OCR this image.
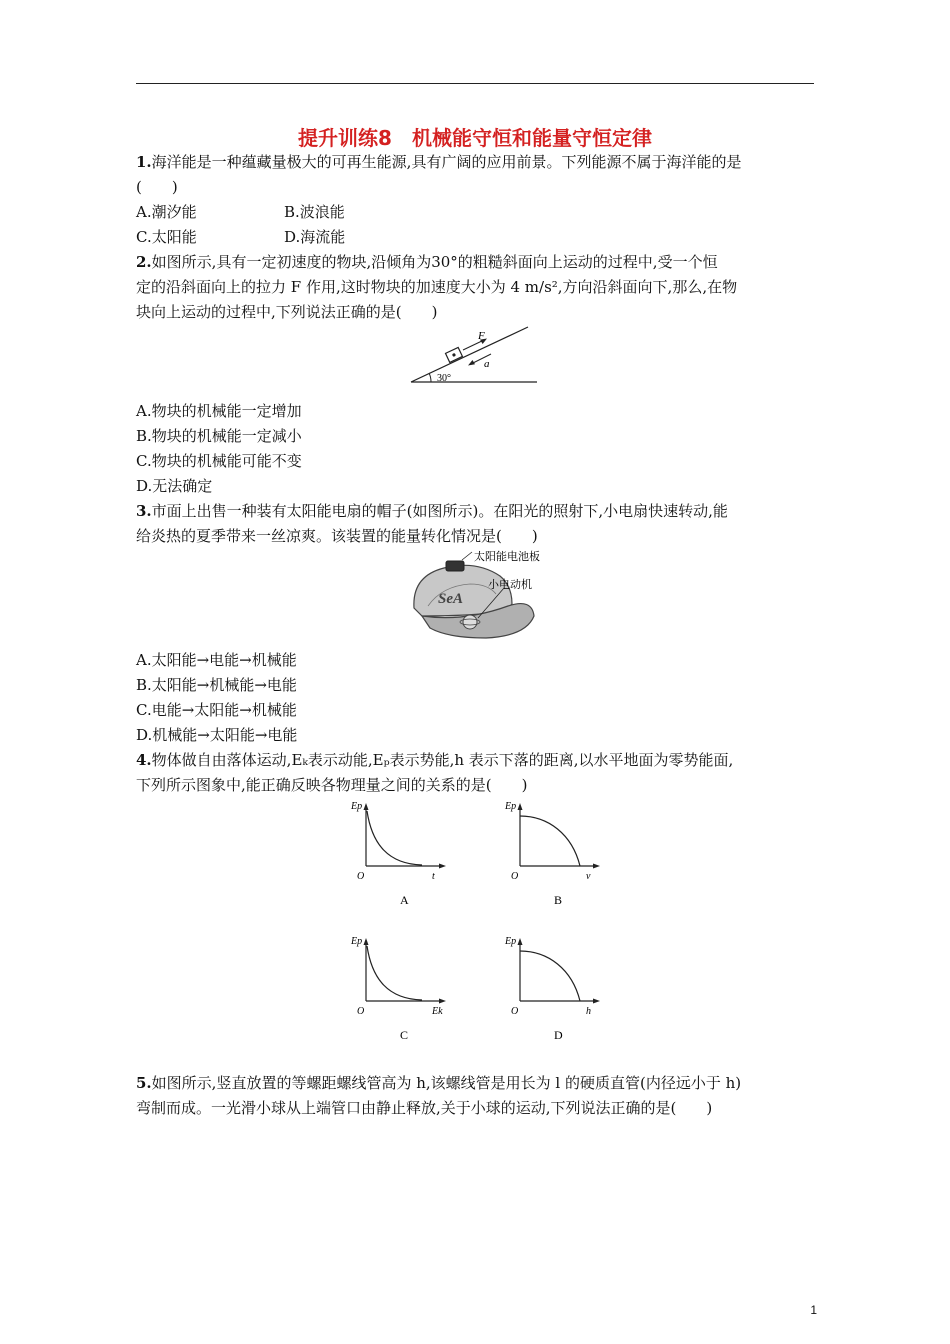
提升训练8　机械能守恒和能量守恒定律
1.海洋能是一种蕴藏量极大的可再生能源,具有广阔的应用前景。下列能源不属于海洋能的是
(　　)
A.潮汐能	B.波浪能
C.太阳能	D.海流能
2.如图所示,具有一定初速度的物块,沿倾角为30°的粗糙斜面向上运动的过程中,受一个恒
定的沿斜面向上的拉力 F 作用,这时物块的加速度大小为 4 m/s²,方向沿斜面向下,那么,在物
块向上运动的过程中,下列说法正确的是(　　)
F
a
30°
A.物块的机械能一定增加
B.物块的机械能一定减小
C.物块的机械能可能不变
D.无法确定
3.市面上出售一种装有太阳能电扇的帽子(如图所示)。在阳光的照射下,小电扇快速转动,能
给炎热的夏季带来一丝凉爽。该装置的能量转化情况是(　　)
SeA
太阳能电池板
小电动机
A.太阳能→电能→机械能
B.太阳能→机械能→电能
C.电能→太阳能→机械能
D.机械能→太阳能→电能
4.物体做自由落体运动,Eₖ表示动能,Eₚ表示势能,h 表示下落的距离,以水平地面为零势能面,
下列所示图象中,能正确反映各物理量之间的关系的是(　　)
Ep
t
O
A
Ep
v
O
B
Ep
Ek
O
C
Ep
h
O
D
5.如图所示,竖直放置的等螺距螺线管高为 h,该螺线管是用长为 l 的硬质直管(内径远小于 h)
弯制而成。一光滑小球从上端管口由静止释放,关于小球的运动,下列说法正确的是(　　)
1
